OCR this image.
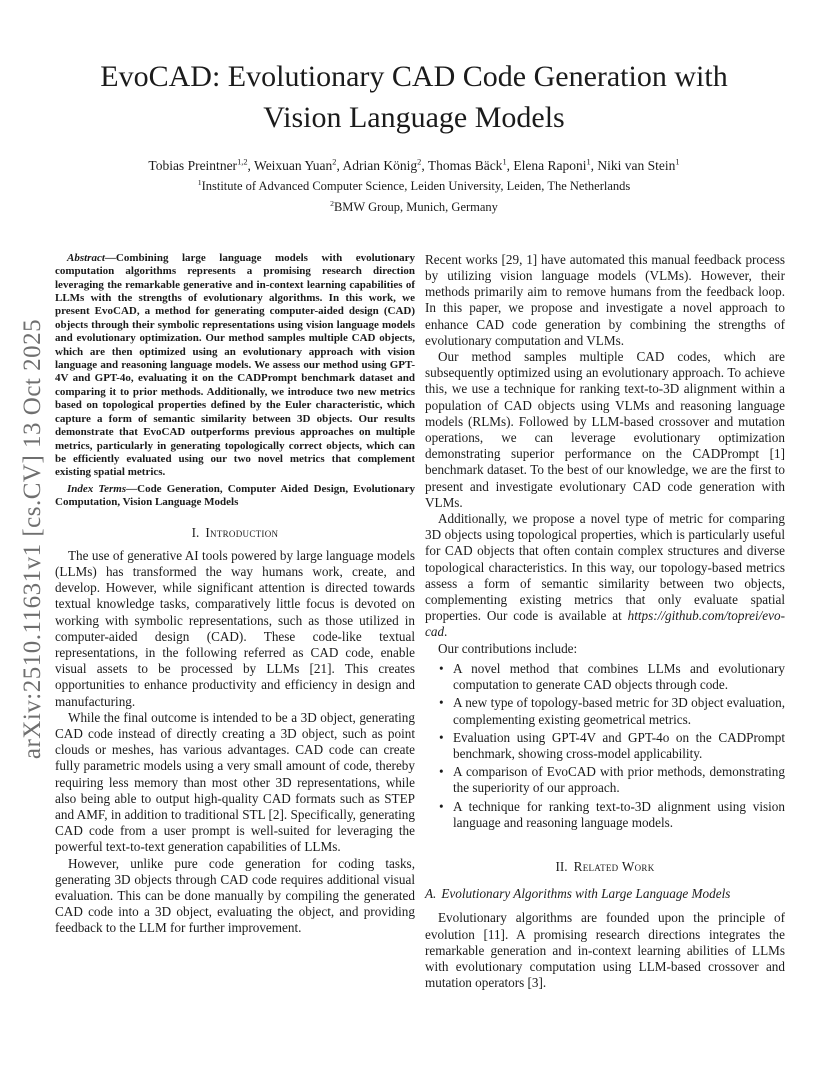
arXiv:2510.11631v1 [cs.CV] 13 Oct 2025
EvoCAD: Evolutionary CAD Code Generation with
Vision Language Models
Tobias Preintner$^{1,2}$, Weixuan Yuan$^2$, Adrian König$^2$, Thomas Bäck$^1$, Elena Raponi$^1$, Niki van Stein$^1$
$^1$Institute of Advanced Computer Science, Leiden University, Leiden, The Netherlands
$^2$BMW Group, Munich, Germany

Abstract—Combining large language models with evolutionary computation algorithms represents a promising research direction leveraging the remarkable generative and in-context learning capabilities of LLMs with the strengths of evolutionary algorithms. In this work, we present EvoCAD, a method for generating computer-aided design (CAD) objects through their symbolic representations using vision language models and evolutionary optimization. Our method samples multiple CAD objects, which are then optimized using an evolutionary approach with vision language and reasoning language models. We assess our method using GPT-4V and GPT-4o, evaluating it on the CADPrompt benchmark dataset and comparing it to prior methods. Additionally, we introduce two new metrics based on topological properties defined by the Euler characteristic, which capture a form of semantic similarity between 3D objects. Our results demonstrate that EvoCAD outperforms previous approaches on multiple metrics, particularly in generating topologically correct objects, which can be efficiently evaluated using our two novel metrics that complement existing spatial metrics.

Index Terms—Code Generation, Computer Aided Design, Evolutionary Computation, Vision Language Models

I. Introduction

The use of generative AI tools powered by large language models (LLMs) has transformed the way humans work, create, and develop. However, while significant attention is directed towards textual knowledge tasks, comparatively little focus is devoted on working with symbolic representations, such as those utilized in computer-aided design (CAD). These code-like textual representations, in the following referred as CAD code, enable visual assets to be processed by LLMs [21]. This creates opportunities to enhance productivity and efficiency in design and manufacturing.

While the final outcome is intended to be a 3D object, generating CAD code instead of directly creating a 3D object, such as point clouds or meshes, has various advantages. CAD code can create fully parametric models using a very small amount of code, thereby requiring less memory than most other 3D representations, while also being able to output high-quality CAD formats such as STEP and AMF, in addition to traditional STL [2]. Specifically, generating CAD code from a user prompt is well-suited for leveraging the powerful text-to-text generation capabilities of LLMs.

However, unlike pure code generation for coding tasks, generating 3D objects through CAD code requires additional visual evaluation. This can be done manually by compiling the generated CAD code into a 3D object, evaluating the object, and providing feedback to the LLM for further improvement.

Recent works [29, 1] have automated this manual feedback process by utilizing vision language models (VLMs). However, their methods primarily aim to remove humans from the feedback loop. In this paper, we propose and investigate a novel approach to enhance CAD code generation by combining the strengths of evolutionary computation and VLMs.

Our method samples multiple CAD codes, which are subsequently optimized using an evolutionary approach. To achieve this, we use a technique for ranking text-to-3D alignment within a population of CAD objects using VLMs and reasoning language models (RLMs). Followed by LLM-based crossover and mutation operations, we can leverage evolutionary optimization demonstrating superior performance on the CADPrompt [1] benchmark dataset. To the best of our knowledge, we are the first to present and investigate evolutionary CAD code generation with VLMs.

Additionally, we propose a novel type of metric for comparing 3D objects using topological properties, which is particularly useful for CAD objects that often contain complex structures and diverse topological characteristics. In this way, our topology-based metrics assess a form of semantic similarity between two objects, complementing existing metrics that only evaluate spatial properties. Our code is available at https://github.com/toprei/evo-cad.

Our contributions include:

• A novel method that combines LLMs and evolutionary computation to generate CAD objects through code.
• A new type of topology-based metric for 3D object evaluation, complementing existing geometrical metrics.
• Evaluation using GPT-4V and GPT-4o on the CADPrompt benchmark, showing cross-model applicability.
• A comparison of EvoCAD with prior methods, demonstrating the superiority of our approach.
• A technique for ranking text-to-3D alignment using vision language and reasoning language models.
II. Related Work
A. Evolutionary Algorithms with Large Language Models

Evolutionary algorithms are founded upon the principle of evolution [11]. A promising research directions integrates the remarkable generation and in-context learning abilities of LLMs with evolutionary computation using LLM-based crossover and mutation operators [3].
